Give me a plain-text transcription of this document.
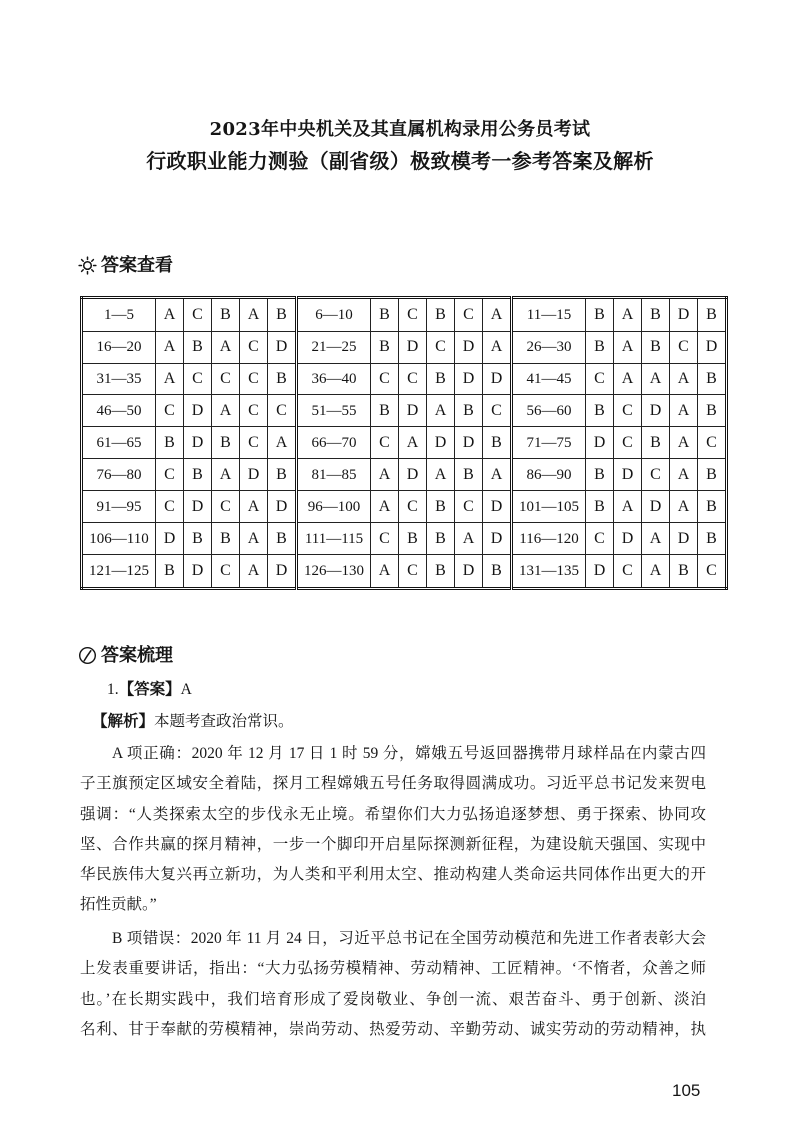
2023年中央机关及其直属机构录用公务员考试
行政职业能力测验（副省级）极致模考一参考答案及解析
答案查看
1—5	A	C	B	A	B	6—10	B	C	B	C	A	11—15	B	A	B	D	B
16—20	A	B	A	C	D	21—25	B	D	C	D	A	26—30	B	A	B	C	D
31—35	A	C	C	C	B	36—40	C	C	B	D	D	41—45	C	A	A	A	B
46—50	C	D	A	C	C	51—55	B	D	A	B	C	56—60	B	C	D	A	B
61—65	B	D	B	C	A	66—70	C	A	D	D	B	71—75	D	C	B	A	C
76—80	C	B	A	D	B	81—85	A	D	A	B	A	86—90	B	D	C	A	B
91—95	C	D	C	A	D	96—100	A	C	B	C	D	101—105	B	A	D	A	B
106—110	D	B	B	A	B	111—115	C	B	B	A	D	116—120	C	D	A	D	B
121—125	B	D	C	A	D	126—130	A	C	B	D	B	131—135	D	C	A	B	C
答案梳理
1.【答案】A
【解析】本题考查政治常识。
A 项正确：2020 年 12 月 17 日 1 时 59 分，嫦娥五号返回器携带月球样品在内蒙古四
子王旗预定区域安全着陆，探月工程嫦娥五号任务取得圆满成功。习近平总书记发来贺电
强调：“人类探索太空的步伐永无止境。希望你们大力弘扬追逐梦想、勇于探索、协同攻
坚、合作共赢的探月精神，一步一个脚印开启星际探测新征程，为建设航天强国、实现中
华民族伟大复兴再立新功，为人类和平利用太空、推动构建人类命运共同体作出更大的开
拓性贡献。”
B 项错误：2020 年 11 月 24 日，习近平总书记在全国劳动模范和先进工作者表彰大会
上发表重要讲话，指出：“大力弘扬劳模精神、劳动精神、工匠精神。‘不惰者，众善之师
也。’在长期实践中，我们培育形成了爱岗敬业、争创一流、艰苦奋斗、勇于创新、淡泊
名利、甘于奉献的劳模精神，崇尚劳动、热爱劳动、辛勤劳动、诚实劳动的劳动精神，执
105
